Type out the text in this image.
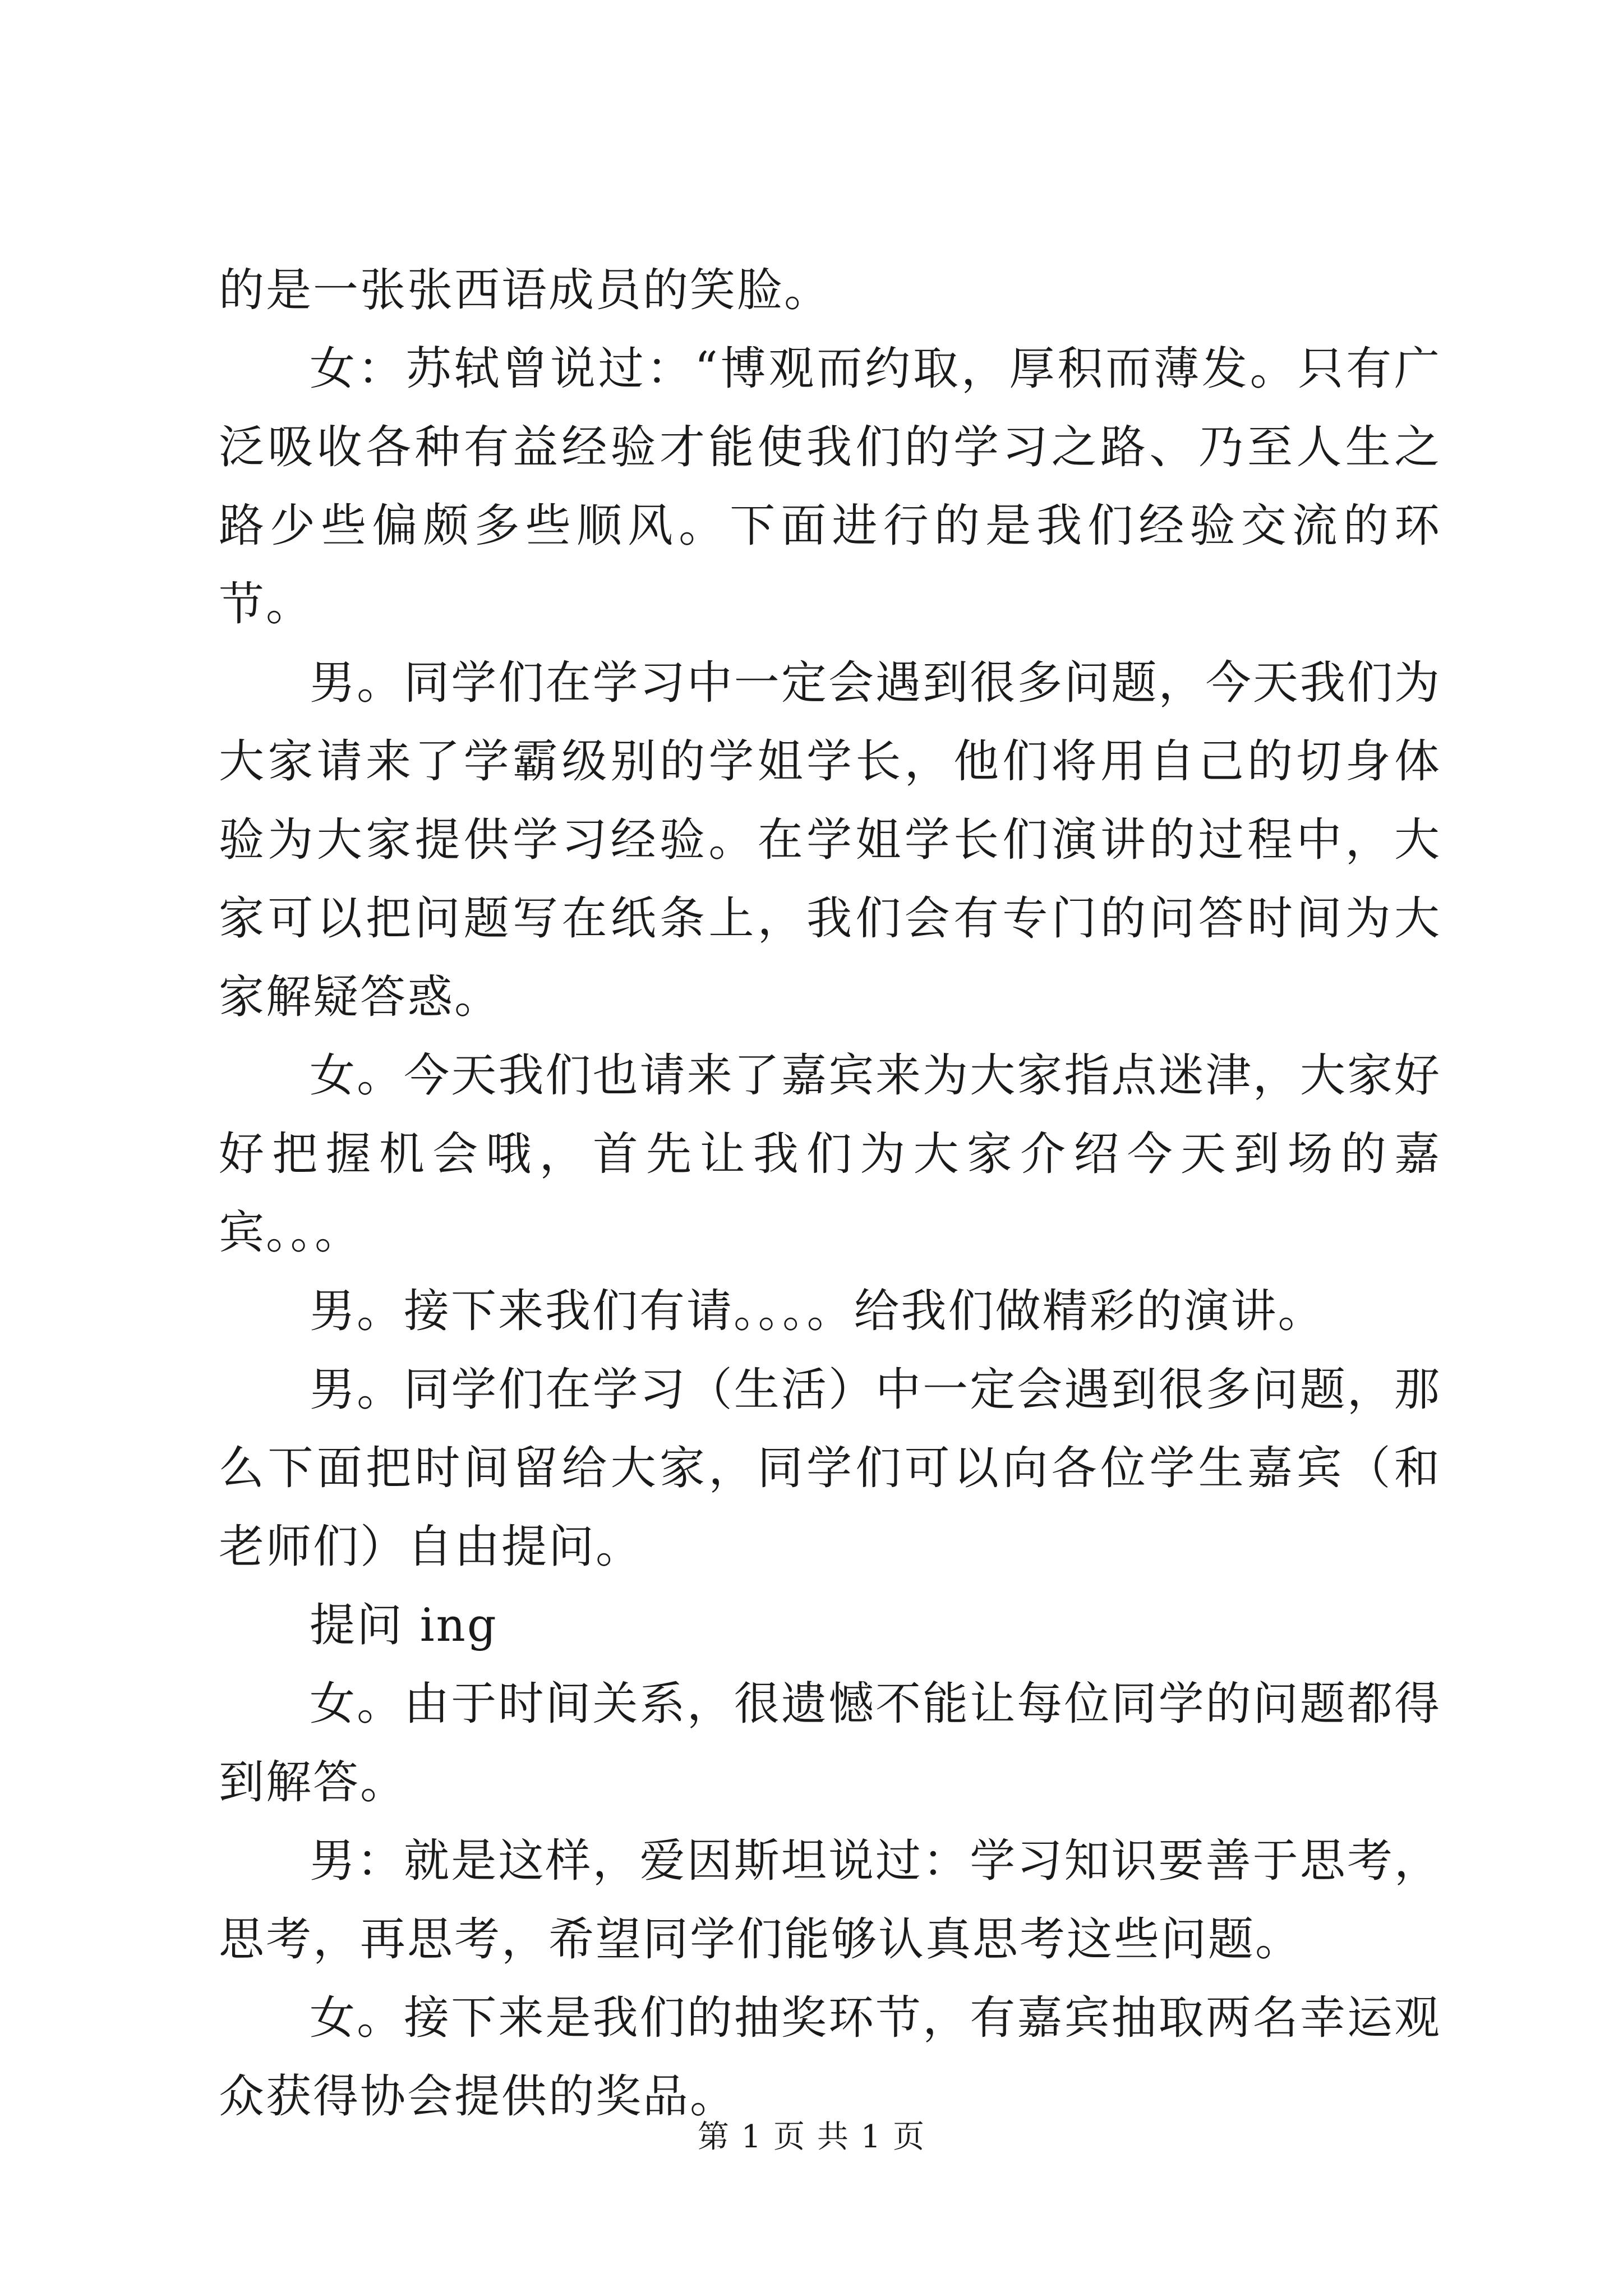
的是一张张西语成员的笑脸。

女：苏轼曾说过：“博观而约取，厚积而薄发。只有广泛吸收各种有益经验才能使我们的学习之路、乃至人生之路少些偏颇多些顺风。下面进行的是我们经验交流的环节。

男。同学们在学习中一定会遇到很多问题，今天我们为大家请来了学霸级别的学姐学长，他们将用自己的切身体验为大家提供学习经验。在学姐学长们演讲的过程中，大家可以把问题写在纸条上，我们会有专门的问答时间为大家解疑答惑。

女。今天我们也请来了嘉宾来为大家指点迷津，大家好好把握机会哦，首先让我们为大家介绍今天到场的嘉宾。。。

男。接下来我们有请。。。。给我们做精彩的演讲。

男。同学们在学习（生活）中一定会遇到很多问题，那么下面把时间留给大家，同学们可以向各位学生嘉宾（和老师们）自由提问。

提问 ing

女。由于时间关系，很遗憾不能让每位同学的问题都得到解答。

男：就是这样，爱因斯坦说过：学习知识要善于思考，思考，再思考，希望同学们能够认真思考这些问题。

女。接下来是我们的抽奖环节，有嘉宾抽取两名幸运观众获得协会提供的奖品。

第 1 页 共 1 页
